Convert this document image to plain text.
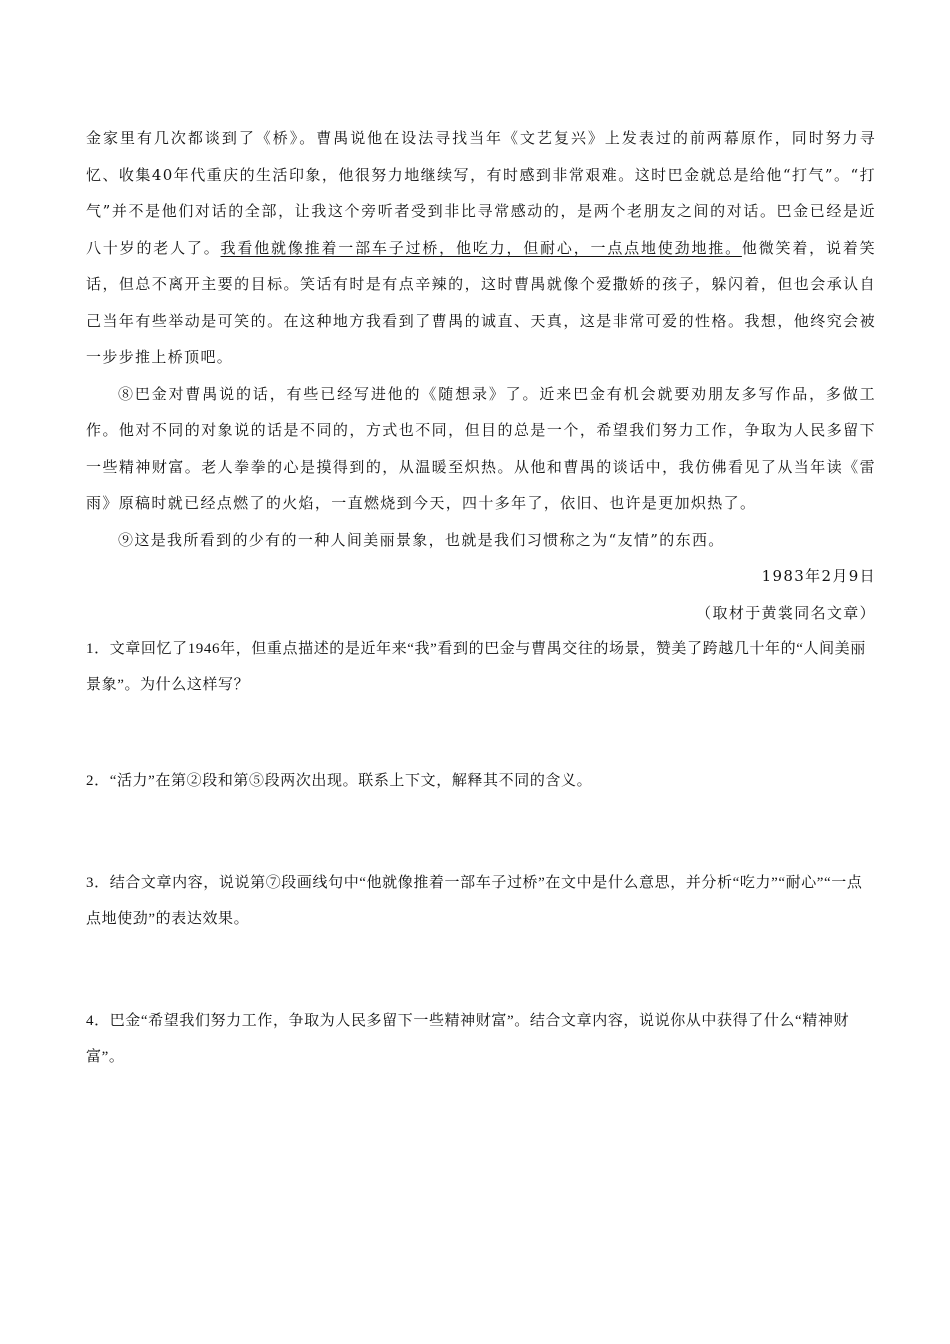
金家里有几次都谈到了《桥》。曹禺说他在设法寻找当年《文艺复兴》上发表过的前两幕原作，同时努力寻忆、收集40年代重庆的生活印象，他很努力地继续写，有时感到非常艰难。这时巴金就总是给他“打气”。“打气”并不是他们对话的全部，让我这个旁听者受到非比寻常感动的，是两个老朋友之间的对话。巴金已经是近八十岁的老人了。我看他就像推着一部车子过桥，他吃力，但耐心，一点点地使劲地推。他微笑着，说着笑话，但总不离开主要的目标。笑话有时是有点辛辣的，这时曹禺就像个爱撒娇的孩子，躲闪着，但也会承认自己当年有些举动是可笑的。在这种地方我看到了曹禺的诚直、天真，这是非常可爱的性格。我想，他终究会被一步步推上桥顶吧。

⑧巴金对曹禺说的话，有些已经写进他的《随想录》了。近来巴金有机会就要劝朋友多写作品，多做工作。他对不同的对象说的话是不同的，方式也不同，但目的总是一个，希望我们努力工作，争取为人民多留下一些精神财富。老人拳拳的心是摸得到的，从温暖至炽热。从他和曹禺的谈话中，我仿佛看见了从当年读《雷雨》原稿时就已经点燃了的火焰，一直燃烧到今天，四十多年了，依旧、也许是更加炽热了。

⑨这是我所看到的少有的一种人间美丽景象，也就是我们习惯称之为“友情”的东西。

1983年2月9日

（取材于黄裳同名文章）

1．文章回忆了1946年，但重点描述的是近年来“我”看到的巴金与曹禺交往的场景，赞美了跨越几十年的“人间美丽景象”。为什么这样写？

2．“活力”在第②段和第⑤段两次出现。联系上下文，解释其不同的含义。

3．结合文章内容，说说第⑦段画线句中“他就像推着一部车子过桥”在文中是什么意思，并分析“吃力”“耐心”“一点点地使劲”的表达效果。

4．巴金“希望我们努力工作，争取为人民多留下一些精神财富”。结合文章内容，说说你从中获得了什么“精神财富”。
